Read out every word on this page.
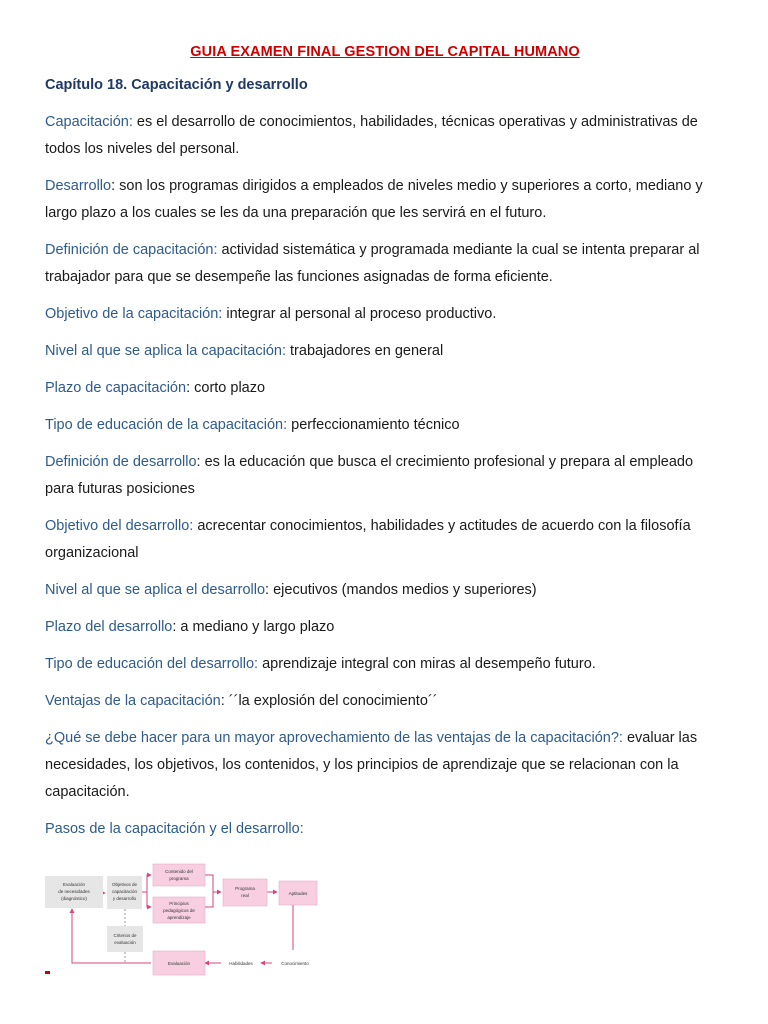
GUIA EXAMEN FINAL GESTION DEL CAPITAL HUMANO

Capítulo 18. Capacitación y desarrollo

Capacitación: es el desarrollo de conocimientos, habilidades, técnicas operativas y administrativas de todos los niveles del personal.

Desarrollo: son los programas dirigidos a empleados de niveles medio y superiores a corto, mediano y largo plazo a los cuales se les da una preparación que les servirá en el futuro.

Definición de capacitación: actividad sistemática y programada mediante la cual se intenta preparar al trabajador para que se desempeñe las funciones asignadas de forma eficiente.

Objetivo de la capacitación: integrar al personal al proceso productivo.

Nivel al que se aplica la capacitación: trabajadores en general

Plazo de capacitación: corto plazo

Tipo de educación de la capacitación: perfeccionamiento técnico

Definición de desarrollo: es la educación que busca el crecimiento profesional y prepara al empleado para futuras posiciones

Objetivo del desarrollo: acrecentar conocimientos, habilidades y actitudes de acuerdo con la filosofía organizacional

Nivel al que se aplica el desarrollo: ejecutivos (mandos medios y superiores)

Plazo del desarrollo: a mediano y largo plazo

Tipo de educación del desarrollo: aprendizaje integral con miras al desempeño futuro.

Ventajas de la capacitación: ´´la explosión del conocimiento´´

¿Qué se debe hacer para un mayor aprovechamiento de las ventajas de la capacitación?: evaluar las necesidades, los objetivos, los contenidos, y los principios de aprendizaje que se relacionan con la capacitación.

Pasos de la capacitación y el desarrollo:

Evaluación
de necesidades
(diagnóstico)
Objetivos de
capacitación
y desarrollo
Contenido del
programa
Principios
pedagógicos de
aprendizaje
Programa
real	Aptitudes
Criterios de
evaluación
Evaluación	Habilidades	Conocimiento
